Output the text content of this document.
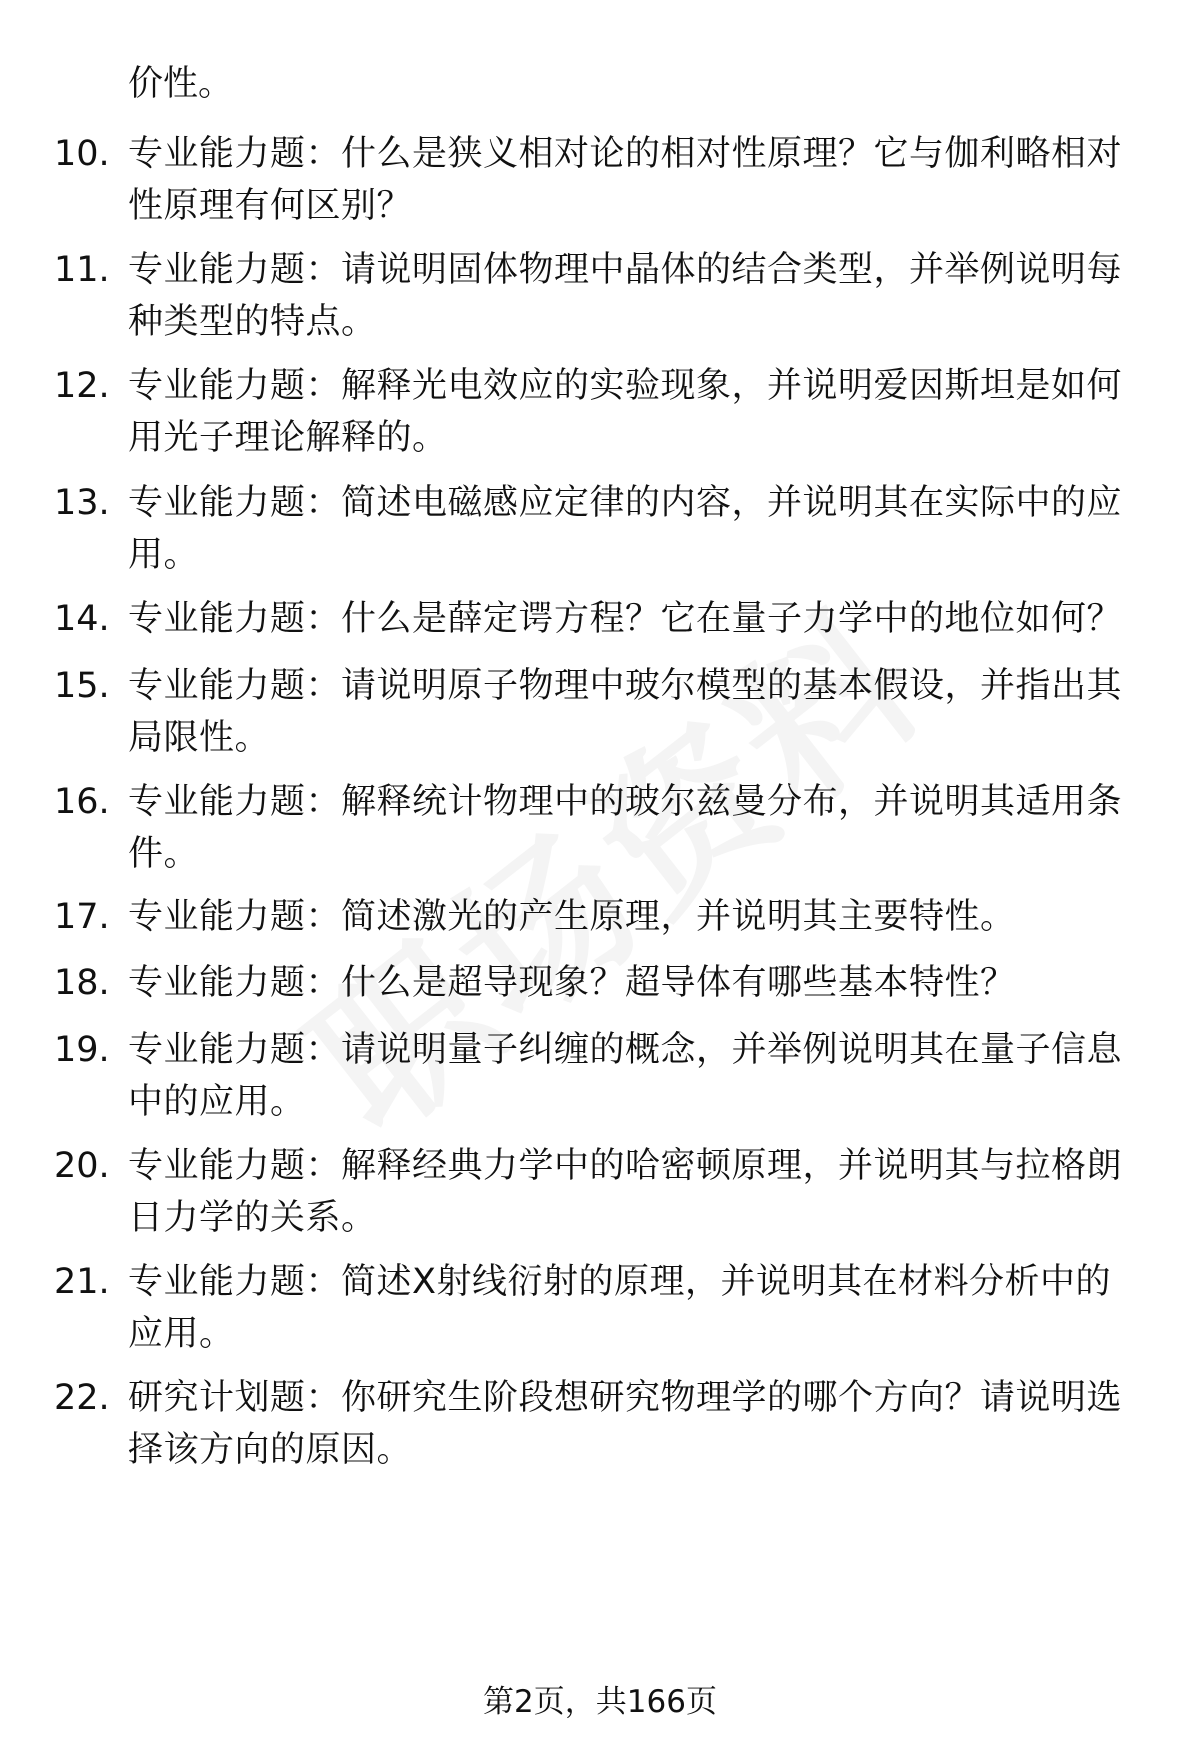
价性。
10. 专业能力题：什么是狭义相对论的相对性原理？它与伽利略相对性原理有何区别？
11. 专业能力题：请说明固体物理中晶体的结合类型，并举例说明每种类型的特点。
12. 专业能力题：解释光电效应的实验现象，并说明爱因斯坦是如何用光子理论解释的。
13. 专业能力题：简述电磁感应定律的内容，并说明其在实际中的应用。
14. 专业能力题：什么是薛定谔方程？它在量子力学中的地位如何？
15. 专业能力题：请说明原子物理中玻尔模型的基本假设，并指出其局限性。
16. 专业能力题：解释统计物理中的玻尔兹曼分布，并说明其适用条件。
17. 专业能力题：简述激光的产生原理，并说明其主要特性。
18. 专业能力题：什么是超导现象？超导体有哪些基本特性？
19. 专业能力题：请说明量子纠缠的概念，并举例说明其在量子信息中的应用。
20. 专业能力题：解释经典力学中的哈密顿原理，并说明其与拉格朗日力学的关系。
21. 专业能力题：简述X射线衍射的原理，并说明其在材料分析中的应用。
22. 研究计划题：你研究生阶段想研究物理学的哪个方向？请说明选择该方向的原因。
第2页，共166页
